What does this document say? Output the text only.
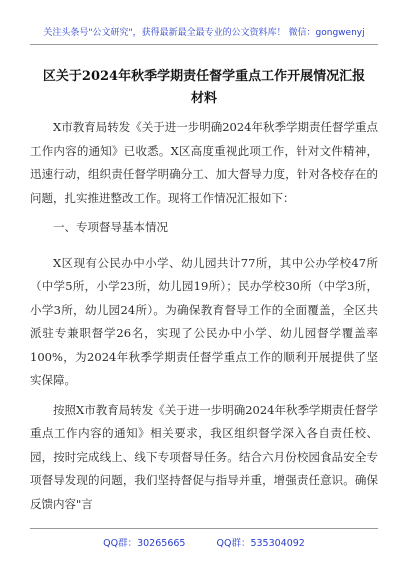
关注头条号"公文研究"，获得最新最全最专业的公文资料库！ 微信：gongwenyj
区关于2024年秋季学期责任督学重点工作开展情况汇报材料

X市教育局转发《关于进一步明确2024年秋季学期责任督学重点工作内容的通知》已收悉。X区高度重视此项工作，针对文件精神，迅速行动，组织责任督学明确分工、加大督导力度，针对各校存在的问题，扎实推进整改工作。现将工作情况汇报如下：

一、专项督导基本情况

X区现有公民办中小学、幼儿园共计77所，其中公办学校47所（中学5所，小学23所，幼儿园19所）；民办学校30所（中学3所，小学3所，幼儿园24所）。为确保教育督导工作的全面覆盖，全区共派驻专兼职督学26名，实现了公民办中小学、幼儿园督学覆盖率100%，为2024年秋季学期责任督学重点工作的顺利开展提供了坚实保障。

按照X市教育局转发《关于进一步明确2024年秋季学期责任督学重点工作内容的通知》相关要求，我区组织督学深入各自责任校、园，按时完成线上、线下专项督导任务。结合六月份校园食品安全专项督导发现的问题，我们坚持督促与指导并重，增强责任意识。确保反馈内容"言

QQ群：30265665	QQ群：535304092
